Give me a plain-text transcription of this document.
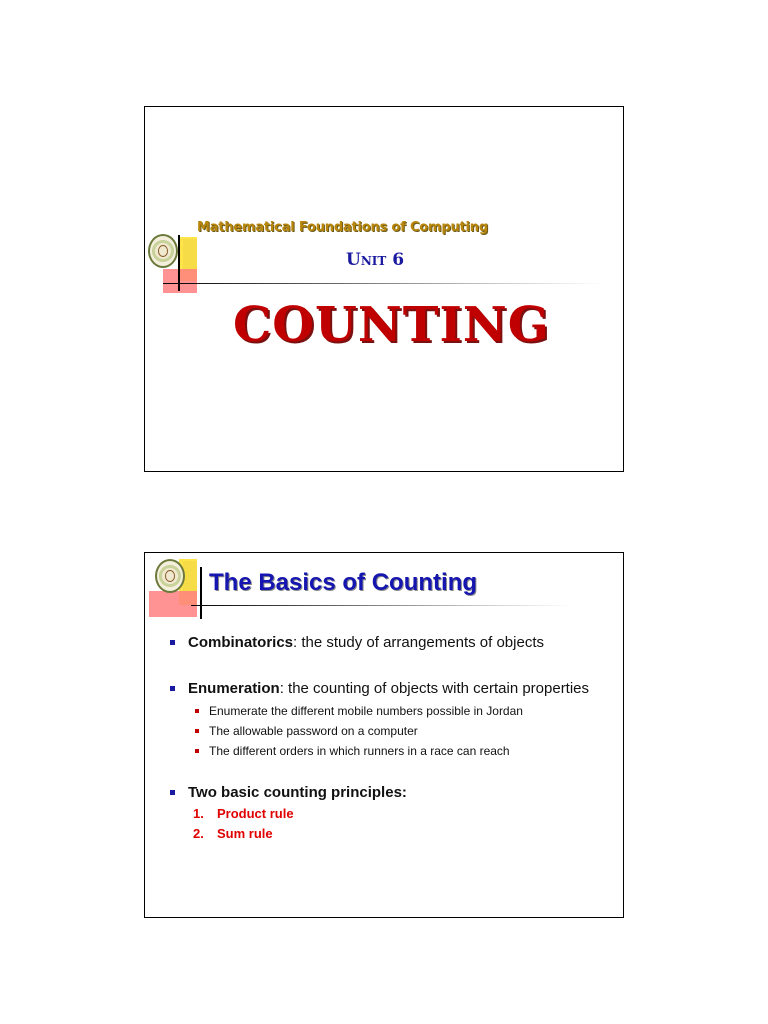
Mathematical Foundations of Computing
Unit 6
COUNTING
The Basics of Counting
Combinatorics: the study of arrangements of objects
Enumeration: the counting of objects with certain properties
Enumerate the different mobile numbers possible in Jordan
The allowable password on a computer
The different orders in which runners in a race can reach
Two basic counting principles:
1. Product rule
2. Sum rule
